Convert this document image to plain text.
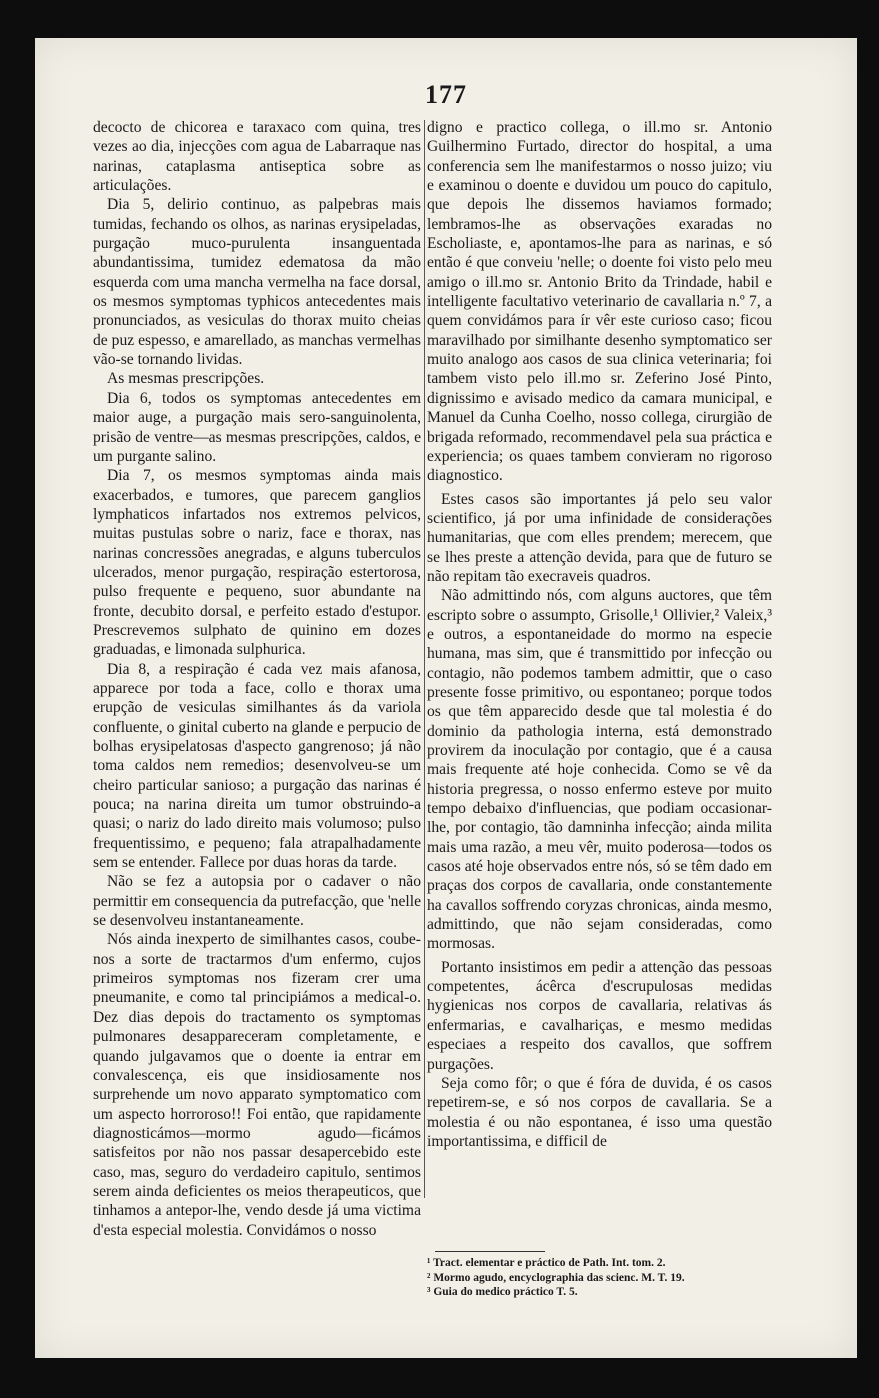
177

decocto de chicorea e taraxaco com quina, tres vezes ao dia, injecções com agua de Labarraque nas narinas, cataplasma antiseptica sobre as articulações.

Dia 5, delirio continuo, as palpebras mais tumidas, fechando os olhos, as narinas erysipeladas, purgação muco-purulenta insanguentada abundantissima, tumidez edematosa da mão esquerda com uma mancha vermelha na face dorsal, os mesmos symptomas typhicos antecedentes mais pronunciados, as vesiculas do thorax muito cheias de puz espesso, e amarellado, as manchas vermelhas vão-se tornando lividas.

As mesmas prescripções.

Dia 6, todos os symptomas antecedentes em maior auge, a purgação mais sero-sanguinolenta, prisão de ventre—as mesmas prescripções, caldos, e um purgante salino.

Dia 7, os mesmos symptomas ainda mais exacerbados, e tumores, que parecem ganglios lymphaticos infartados nos extremos pelvicos, muitas pustulas sobre o nariz, face e thorax, nas narinas concressões anegradas, e alguns tuberculos ulcerados, menor purgação, respiração estertorosa, pulso frequente e pequeno, suor abundante na fronte, decubito dorsal, e perfeito estado d'estupor. Prescrevemos sulphato de quinino em dozes graduadas, e limonada sulphurica.

Dia 8, a respiração é cada vez mais afanosa, apparece por toda a face, collo e thorax uma erupção de vesiculas similhantes ás da variola confluente, o ginital cuberto na glande e perpucio de bolhas erysipelatosas d'aspecto gangrenoso; já não toma caldos nem remedios; desenvolveu-se um cheiro particular sanioso; a purgação das narinas é pouca; na narina direita um tumor obstruindo-a quasi; o nariz do lado direito mais volumoso; pulso frequentissimo, e pequeno; fala atrapalhadamente sem se entender. Fallece por duas horas da tarde.

Não se fez a autopsia por o cadaver o não permittir em consequencia da putrefacção, que 'nelle se desenvolveu instantaneamente.

Nós ainda inexperto de similhantes casos, coube-nos a sorte de tractarmos d'um enfermo, cujos primeiros symptomas nos fizeram crer uma pneumanite, e como tal principiámos a medical-o. Dez dias depois do tractamento os symptomas pulmonares desappareceram completamente, e quando julgavamos que o doente ia entrar em convalescença, eis que insidiosamente nos surprehende um novo apparato symptomatico com um aspecto horroroso!! Foi então, que rapidamente diagnosticámos—mormo agudo—ficámos satisfeitos por não nos passar desapercebido este caso, mas, seguro do verdadeiro capitulo, sentimos serem ainda deficientes os meios therapeuticos, que tinhamos a antepor-lhe, vendo desde já uma victima d'esta especial molestia. Convidámos o nosso

digno e practico collega, o ill.mo sr. Antonio Guilhermino Furtado, director do hospital, a uma conferencia sem lhe manifestarmos o nosso juizo; viu e examinou o doente e duvidou um pouco do capitulo, que depois lhe dissemos haviamos formado; lembramos-lhe as observações exaradas no Escholiaste, e, apontamos-lhe para as narinas, e só então é que conveiu 'nelle; o doente foi visto pelo meu amigo o ill.mo sr. Antonio Brito da Trindade, habil e intelligente facultativo veterinario de cavallaria n.º 7, a quem convidámos para ír vêr este curioso caso; ficou maravilhado por similhante desenho symptomatico ser muito analogo aos casos de sua clinica veterinaria; foi tambem visto pelo ill.mo sr. Zeferino José Pinto, dignissimo e avisado medico da camara municipal, e Manuel da Cunha Coelho, nosso collega, cirurgião de brigada reformado, recommendavel pela sua práctica e experiencia; os quaes tambem convieram no rigoroso diagnostico.

Estes casos são importantes já pelo seu valor scientifico, já por uma infinidade de considerações humanitarias, que com elles prendem; merecem, que se lhes preste a attenção devida, para que de futuro se não repitam tão execraveis quadros.

Não admittindo nós, com alguns auctores, que têm escripto sobre o assumpto, Grisolle,¹ Ollivier,² Valeix,³ e outros, a espontaneidade do mormo na especie humana, mas sim, que é transmittido por infecção ou contagio, não podemos tambem admittir, que o caso presente fosse primitivo, ou espontaneo; porque todos os que têm apparecido desde que tal molestia é do dominio da pathologia interna, está demonstrado provirem da inoculação por contagio, que é a causa mais frequente até hoje conhecida. Como se vê da historia pregressa, o nosso enfermo esteve por muito tempo debaixo d'influencias, que podiam occasionar-lhe, por contagio, tão damninha infecção; ainda milita mais uma razão, a meu vêr, muito poderosa—todos os casos até hoje observados entre nós, só se têm dado em praças dos corpos de cavallaria, onde constantemente ha cavallos soffrendo coryzas chronicas, ainda mesmo, admittindo, que não sejam consideradas, como mormosas.

Portanto insistimos em pedir a attenção das pessoas competentes, ácêrca d'escrupulosas medidas hygienicas nos corpos de cavallaria, relativas ás enfermarias, e cavalhariças, e mesmo medidas especiaes a respeito dos cavallos, que soffrem purgações.

Seja como fôr; o que é fóra de duvida, é os casos repetirem-se, e só nos corpos de cavallaria. Se a molestia é ou não espontanea, é isso uma questão importantissima, e difficil de

¹ Tract. elementar e práctico de Path. Int. tom. 2.

² Mormo agudo, encyclographia das scienc. M. T. 19.

³ Guia do medico práctico T. 5.
